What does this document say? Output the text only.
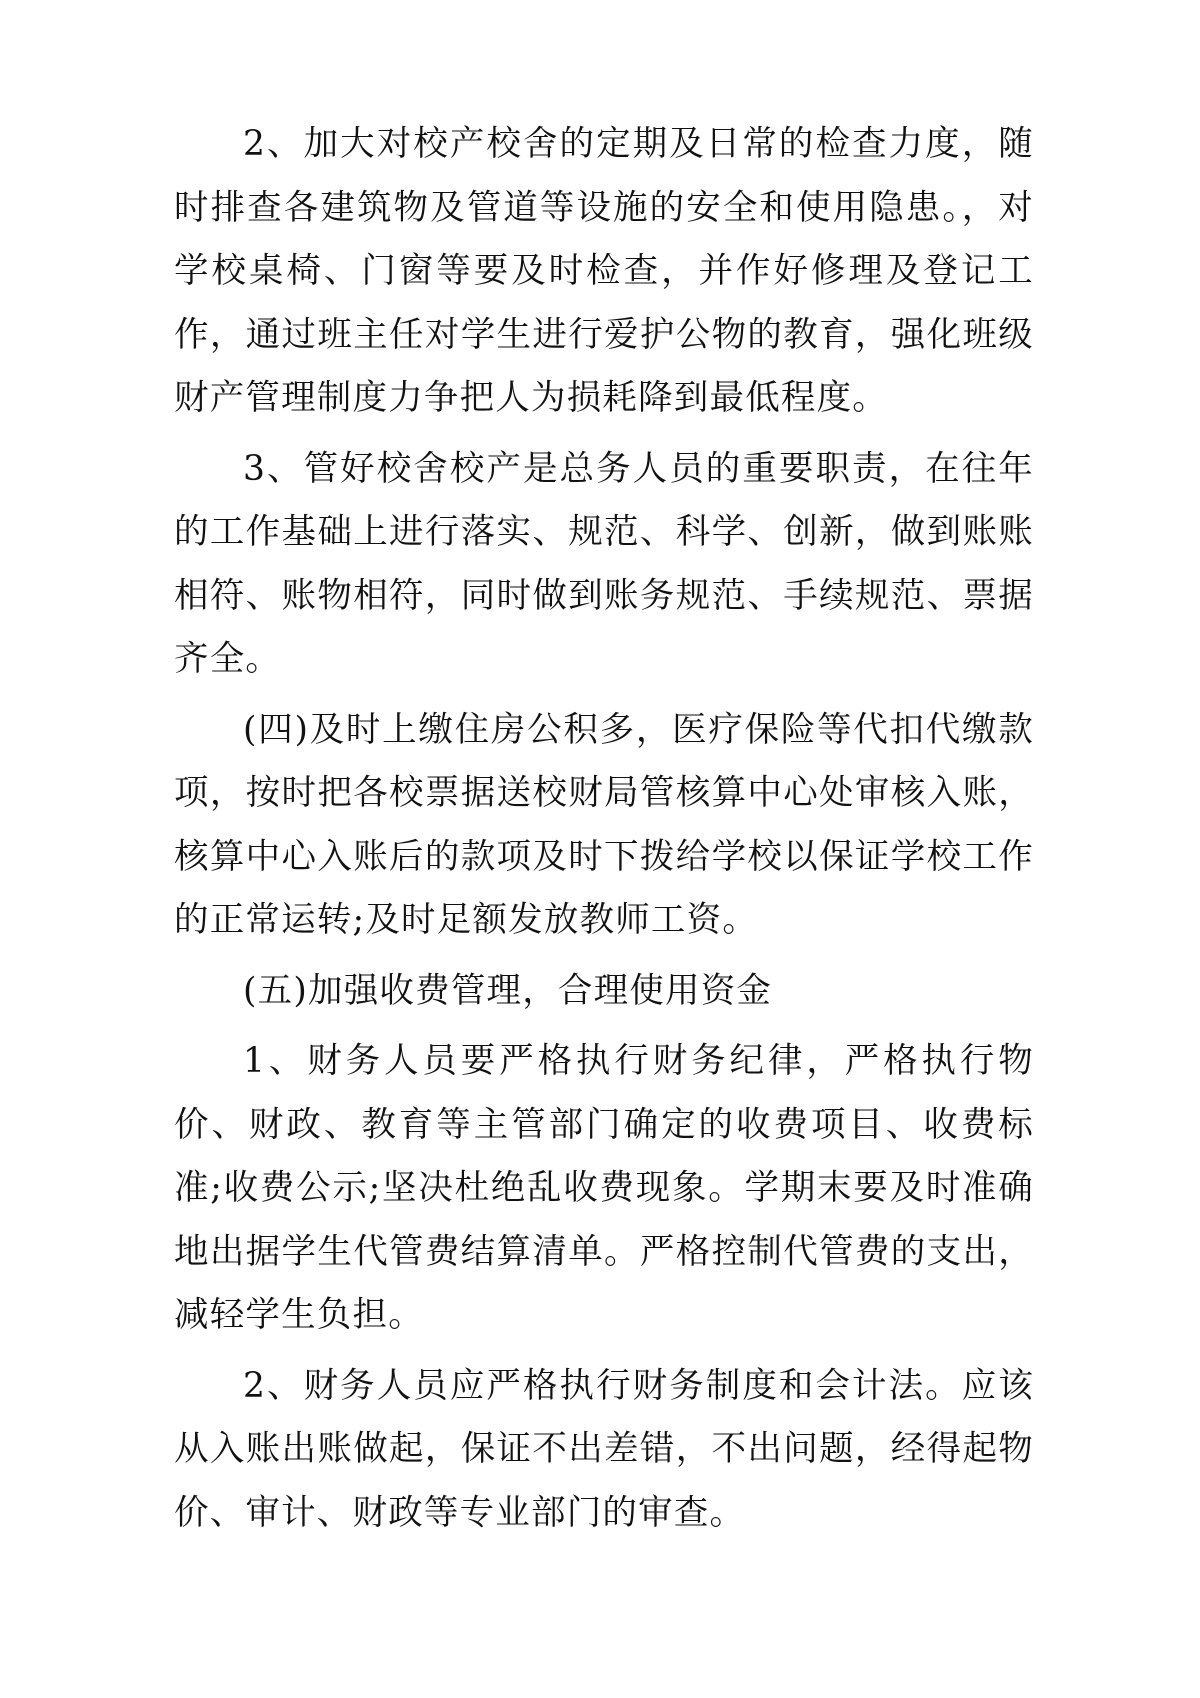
2、加大对校产校舍的定期及日常的检查力度，随时排查各建筑物及管道等设施的安全和使用隐患。，对学校桌椅、门窗等要及时检查，并作好修理及登记工作，通过班主任对学生进行爱护公物的教育，强化班级财产管理制度力争把人为损耗降到最低程度。

3、管好校舍校产是总务人员的重要职责，在往年的工作基础上进行落实、规范、科学、创新，做到账账相符、账物相符，同时做到账务规范、手续规范、票据齐全。

(四)及时上缴住房公积多，医疗保险等代扣代缴款项，按时把各校票据送校财局管核算中心处审核入账，核算中心入账后的款项及时下拨给学校以保证学校工作的正常运转;及时足额发放教师工资。

(五)加强收费管理，合理使用资金

1、财务人员要严格执行财务纪律，严格执行物价、财政、教育等主管部门确定的收费项目、收费标准;收费公示;坚决杜绝乱收费现象。学期末要及时准确地出据学生代管费结算清单。严格控制代管费的支出，减轻学生负担。

2、财务人员应严格执行财务制度和会计法。应该从入账出账做起，保证不出差错，不出问题，经得起物价、审计、财政等专业部门的审查。
